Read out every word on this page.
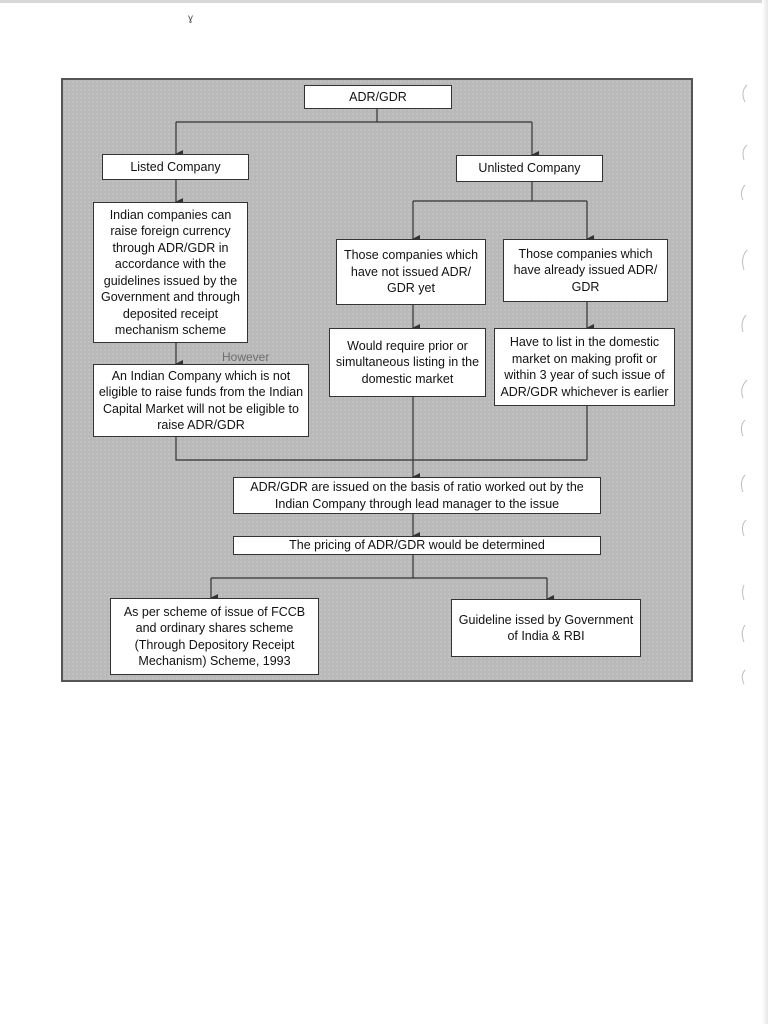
ɣ
ADR/GDR
Listed Company	Unlisted Company
Indian companies can raise foreign currency through ADR/GDR in accordance with the guidelines issued by the Government and through deposited receipt mechanism scheme
However
An Indian Company which is not eligible to raise funds from the Indian Capital Market will not be eligible to raise ADR/GDR
Those companies which have not issued ADR/ GDR yet
Those companies which have already issued ADR/ GDR
Would require prior or simultaneous listing in the domestic market
Have to list in the domestic market on making profit or within 3 year of such issue of ADR/GDR whichever is earlier
ADR/GDR are issued on the basis of ratio worked out by the Indian Company through lead manager to the issue
The pricing of ADR/GDR would be determined
As per scheme of issue of FCCB and ordinary shares scheme (Through Depository Receipt Mechanism) Scheme, 1993
Guideline issed by Government of India & RBI
